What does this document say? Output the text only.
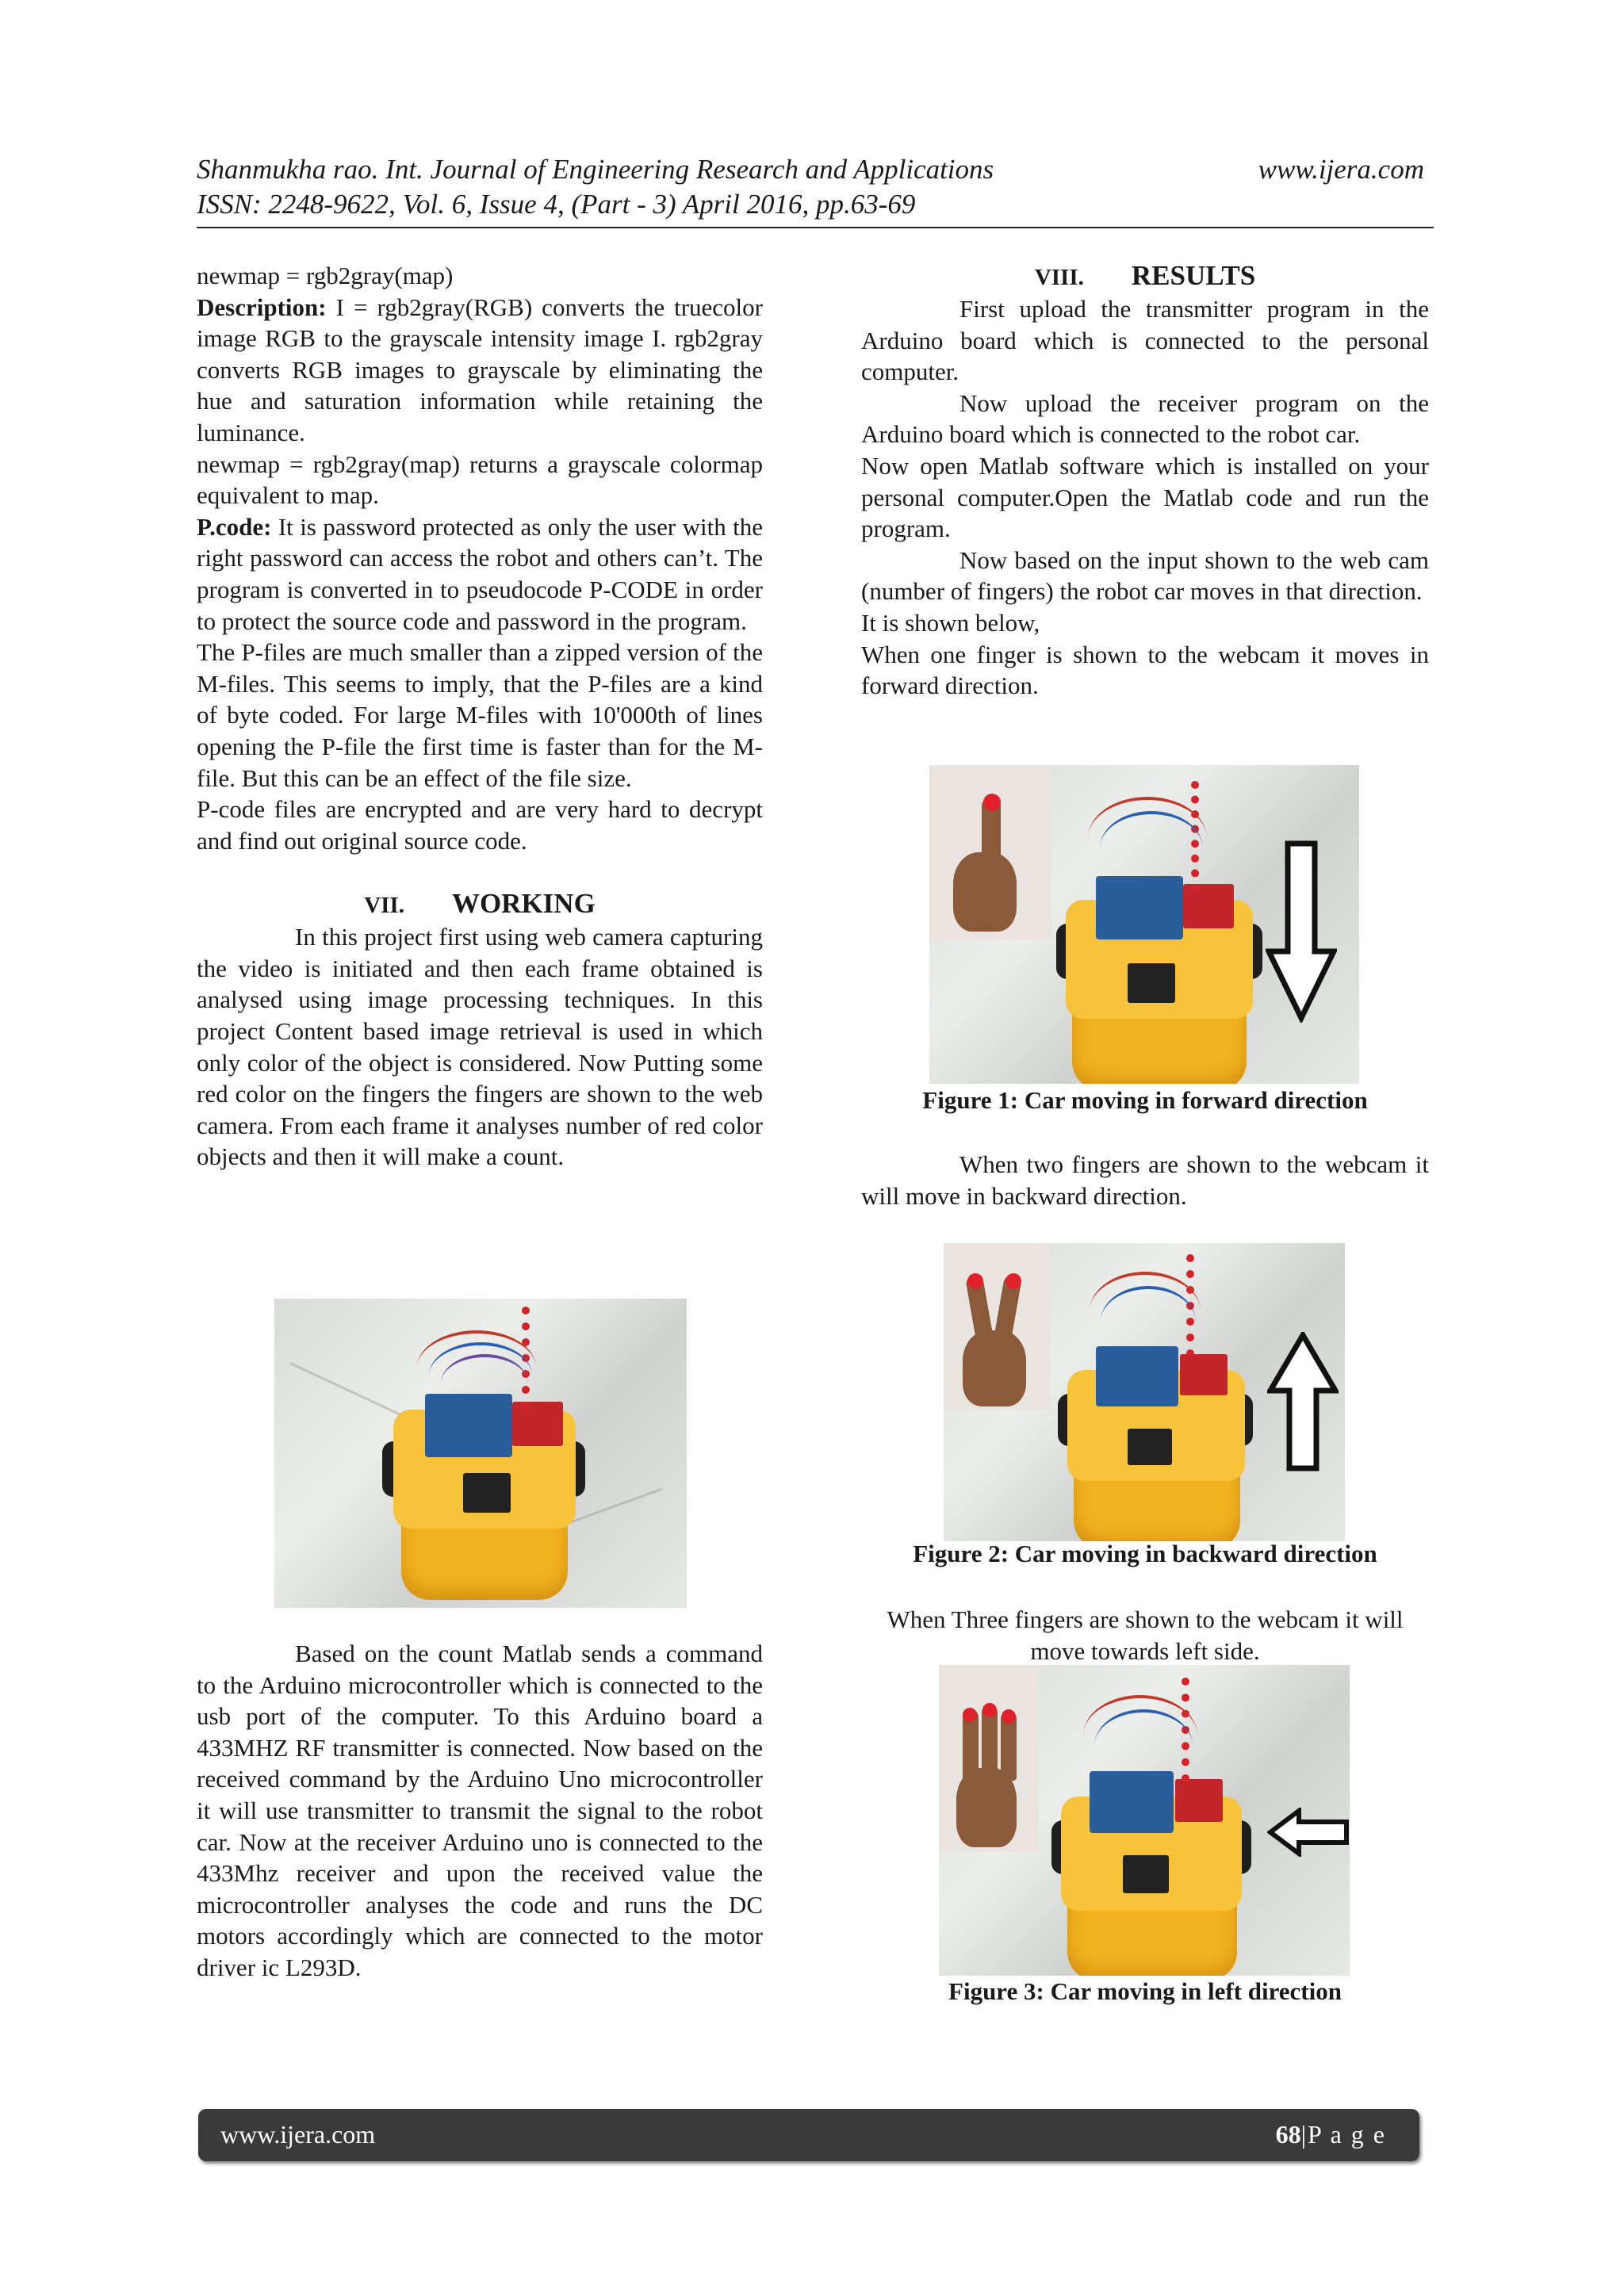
Shanmukha rao. Int. Journal of Engineering Research and Applications	www.ijera.com
ISSN: 2248-9622, Vol. 6, Issue 4, (Part - 3) April 2016, pp.63-69

newmap = rgb2gray(map)

Description: I = rgb2gray(RGB) converts the truecolor image RGB to the grayscale intensity image I. rgb2gray converts RGB images to grayscale by eliminating the hue and saturation information while retaining the luminance.

newmap = rgb2gray(map) returns a grayscale colormap equivalent to map.

P.code: It is password protected as only the user with the right password can access the robot and others can’t. The program is converted in to pseudocode P-CODE in order to protect the source code and password in the program.

The P-files are much smaller than a zipped version of the M-files. This seems to imply, that the P-files are a kind of byte coded. For large M-files with 10'000th of lines opening the P-file the first time is faster than for the M-file. But this can be an effect of the file size.

P-code files are encrypted and are very hard to decrypt and find out original source code.

VII. WORKING

In this project first using web camera capturing the video is initiated and then each frame obtained is analysed using image processing techniques. In this project Content based image retrieval is used in which only color of the object is considered. Now Putting some red color on the fingers the fingers are shown to the web camera. From each frame it analyses number of red color objects and then it will make a count.

Based on the count Matlab sends a command to the Arduino microcontroller which is connected to the usb port of the computer. To this Arduino board a 433MHZ RF transmitter is connected. Now based on the received command by the Arduino Uno microcontroller it will use transmitter to transmit the signal to the robot car. Now at the receiver Arduino uno is connected to the 433Mhz receiver and upon the received value the microcontroller analyses the code and runs the DC motors accordingly which are connected to the motor driver ic L293D.

VIII. RESULTS

First upload the transmitter program in the Arduino board which is connected to the personal computer.

Now upload the receiver program on the Arduino board which is connected to the robot car.

Now open Matlab software which is installed on your personal computer.Open the Matlab code and run the program.

Now based on the input shown to the web cam (number of fingers) the robot car moves in that direction.

It is shown below,

When one finger is shown to the webcam it moves in forward direction.

Figure 1: Car moving in forward direction

When two fingers are shown to the webcam it will move in backward direction.

Figure 2: Car moving in backward direction

When Three fingers are shown to the webcam it will move towards left side.

Figure 3: Car moving in left direction
www.ijera.com	68|P a g e
